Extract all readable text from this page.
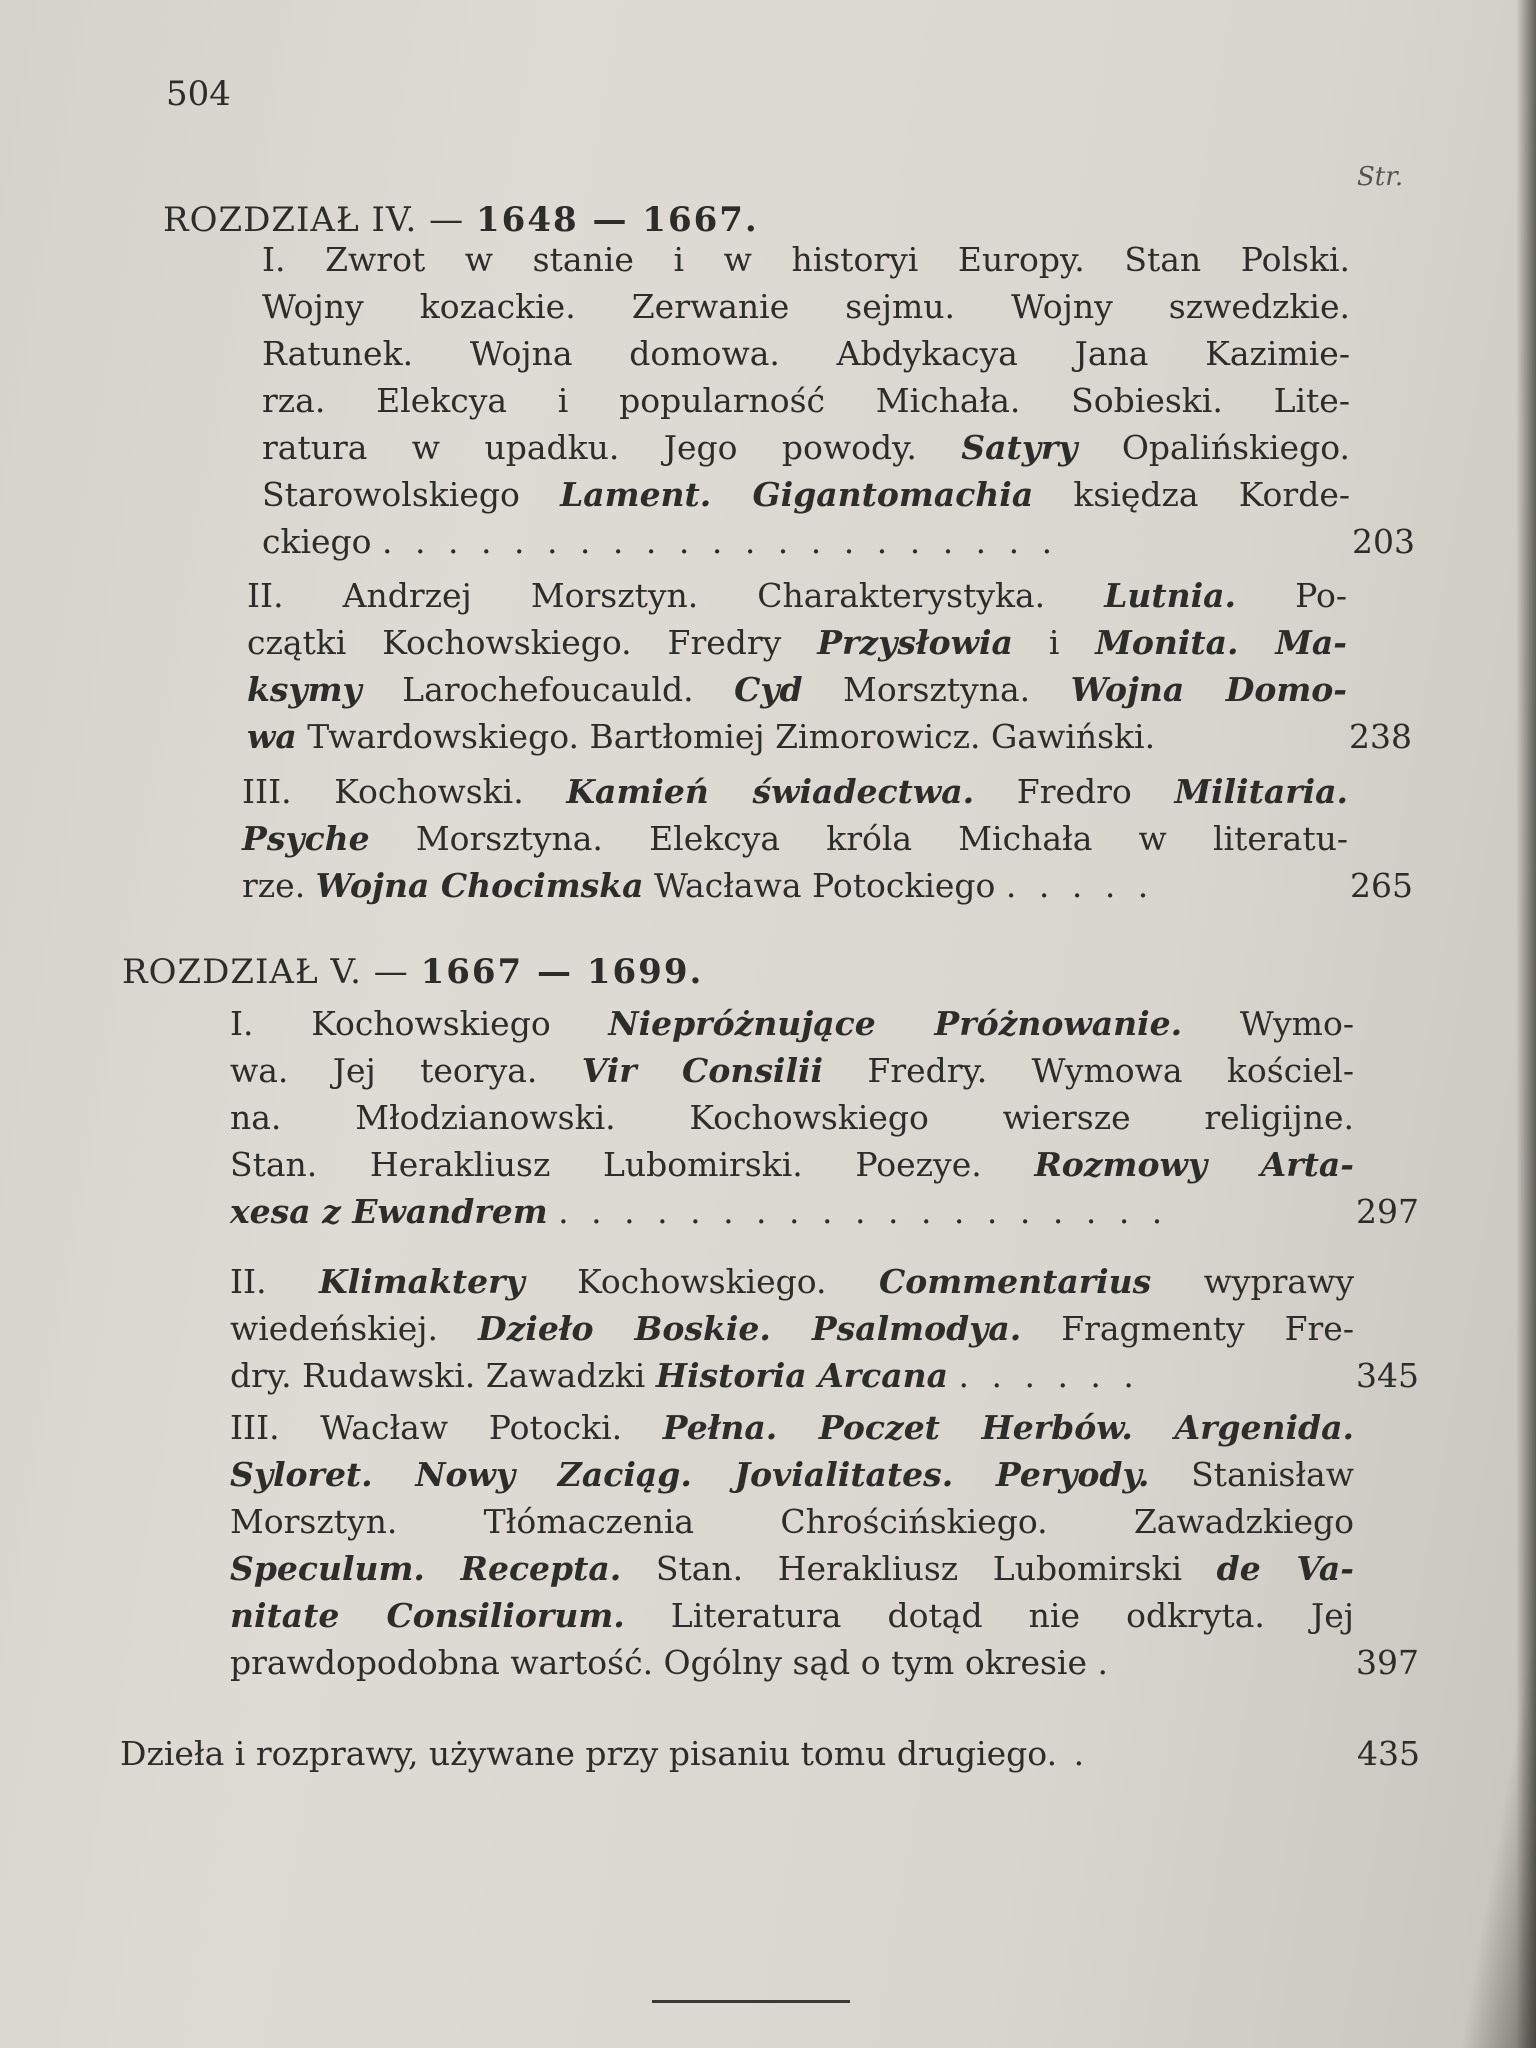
504
Str.
ROZDZIAŁ IV. — 1648 — 1667.
I. Zwrot w stanie i w historyi Europy. Stan Polski.
Wojny kozackie. Zerwanie sejmu. Wojny szwedzkie.
Ratunek. Wojna domowa. Abdykacya Jana Kazimie-
rza. Elekcya i popularność Michała. Sobieski. Lite-
ratura w upadku. Jego powody. Satyry Opalińskiego.
Starowolskiego Lament. Gigantomachia księdza Korde-
ckiego . . . . . . . . . . . . . . . . . . . . .	203
II. Andrzej Morsztyn. Charakterystyka. Lutnia. Po-
czątki Kochowskiego. Fredry Przysłowia i Monita. Ma-
ksymy Larochefoucauld. Cyd Morsztyna. Wojna Domo-
wa Twardowskiego. Bartłomiej Zimorowicz. Gawiński.	238
III. Kochowski. Kamień świadectwa. Fredro Militaria.
Psyche Morsztyna. Elekcya króla Michała w literatu-
rze. Wojna Chocimska Wacława Potockiego . . . . .	265
ROZDZIAŁ V. — 1667 — 1699.
I. Kochowskiego Niepróżnujące Próżnowanie. Wymo-
wa. Jej teorya. Vir Consilii Fredry. Wymowa kościel-
na. Młodzianowski. Kochowskiego wiersze religijne.
Stan. Herakliusz Lubomirski. Poezye. Rozmowy Arta-
xesa z Ewandrem . . . . . . . . . . . . . . . . . . .	297
II. Klimaktery Kochowskiego. Commentarius wyprawy
wiedeńskiej. Dzieło Boskie. Psalmodya. Fragmenty Fre-
dry. Rudawski. Zawadzki Historia Arcana . . . . . .	345
III. Wacław Potocki. Pełna. Poczet Herbów. Argenida.
Syloret. Nowy Zaciąg. Jovialitates. Peryody. Stanisław
Morsztyn. Tłómaczenia Chrościńskiego. Zawadzkiego
Speculum. Recepta. Stan. Herakliusz Lubomirski de Va-
nitate Consiliorum. Literatura dotąd nie odkryta. Jej
prawdopodobna wartość. Ogólny sąd o tym okresie .	397
Dzieła i rozprawy, używane przy pisaniu tomu drugiego. .	435
